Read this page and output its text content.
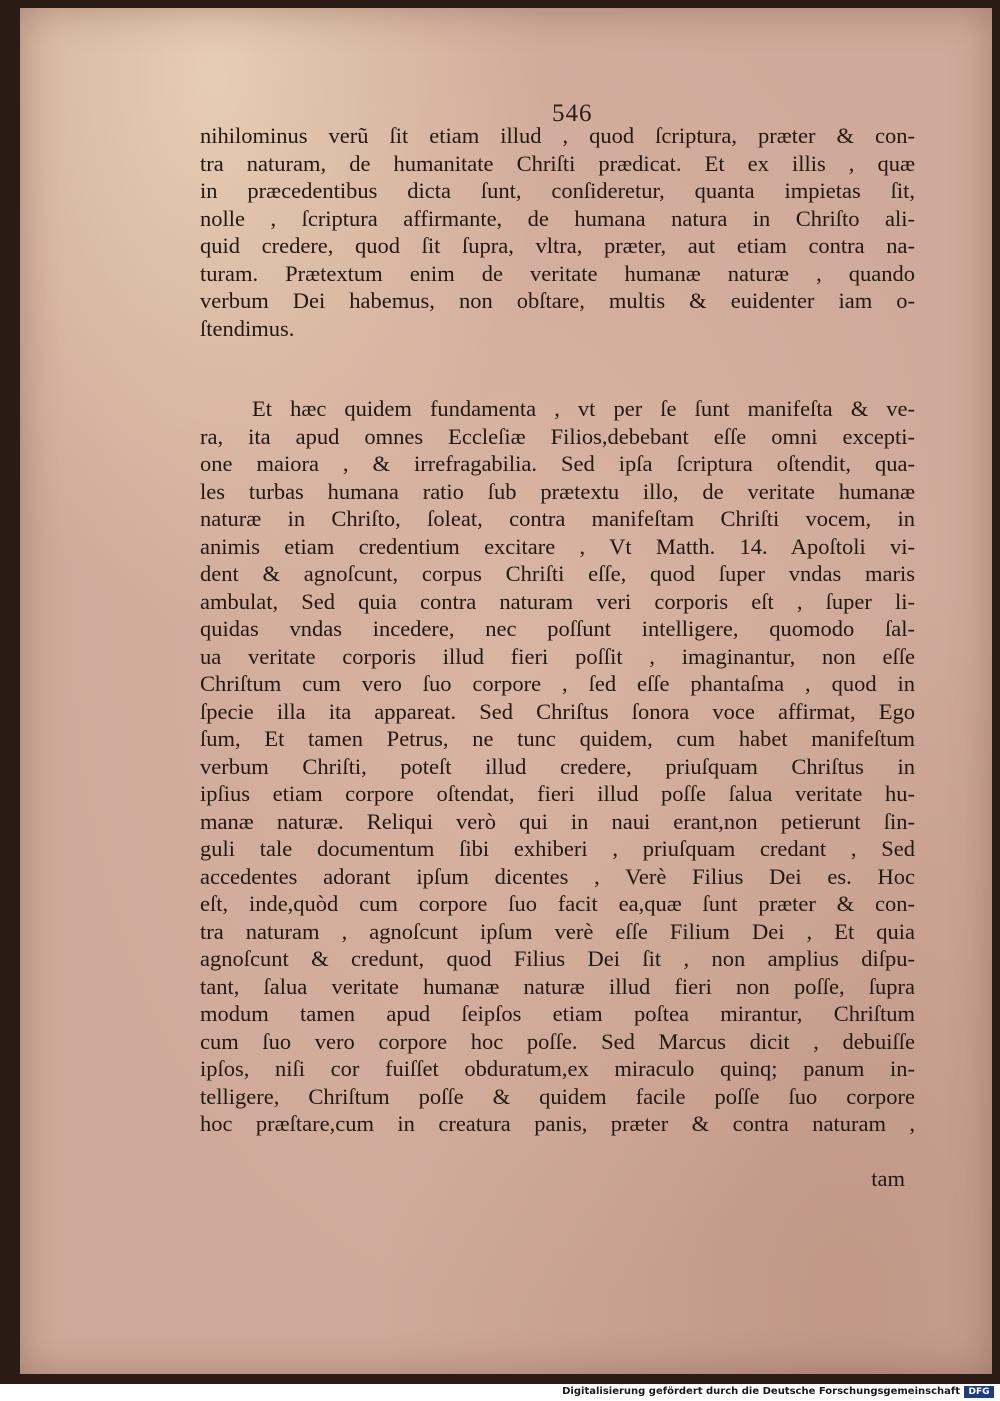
546
nihilominus verũ ſit etiam illud , quod ſcriptura, præter & con-
tra naturam, de humanitate Chriſti prædicat. Et ex illis , quæ
in præcedentibus dicta ſunt, conſideretur, quanta impietas ſit,
nolle , ſcriptura affirmante, de humana natura in Chriſto ali-
quid credere, quod ſit ſupra, vltra, præter, aut etiam contra na-
turam. Prætextum enim de veritate humanæ naturæ , quando
verbum Dei habemus, non obſtare, multis & euidenter iam o-
ſtendimus.
Et hæc quidem fundamenta , vt per ſe ſunt manifeſta & ve-
ra, ita apud omnes Eccleſiæ Filios,debebant eſſe omni excepti-
one maiora , & irrefragabilia. Sed ipſa ſcriptura oſtendit, qua-
les turbas humana ratio ſub prætextu illo, de veritate humanæ
naturæ in Chriſto, ſoleat, contra manifeſtam Chriſti vocem, in
animis etiam credentium excitare , Vt Matth. 14. Apoſtoli vi-
dent & agnoſcunt, corpus Chriſti eſſe, quod ſuper vndas maris
ambulat, Sed quia contra naturam veri corporis eſt , ſuper li-
quidas vndas incedere, nec poſſunt intelligere, quomodo ſal-
ua veritate corporis illud fieri poſſit , imaginantur, non eſſe
Chriſtum cum vero ſuo corpore , ſed eſſe phantaſma , quod in
ſpecie illa ita appareat. Sed Chriſtus ſonora voce affirmat, Ego
ſum, Et tamen Petrus, ne tunc quidem, cum habet manifeſtum
verbum Chriſti, poteſt illud credere, priuſquam Chriſtus in
ipſius etiam corpore oſtendat, fieri illud poſſe ſalua veritate hu-
manæ naturæ. Reliqui verò qui in naui erant,non petierunt ſin-
guli tale documentum ſibi exhiberi , priuſquam credant , Sed
accedentes adorant ipſum dicentes , Verè Filius Dei es. Hoc
eſt, inde,quòd cum corpore ſuo facit ea,quæ ſunt præter & con-
tra naturam , agnoſcunt ipſum verè eſſe Filium Dei , Et quia
agnoſcunt & credunt, quod Filius Dei ſit , non amplius diſpu-
tant, ſalua veritate humanæ naturæ illud fieri non poſſe, ſupra
modum tamen apud ſeipſos etiam poſtea mirantur, Chriſtum
cum ſuo vero corpore hoc poſſe. Sed Marcus dicit , debuiſſe
ipſos, niſi cor fuiſſet obduratum,ex miraculo quinq; panum in-
telligere, Chriſtum poſſe & quidem facile poſſe ſuo corpore
hoc præſtare,cum in creatura panis, præter & contra naturam ,
tam
Digitalisierung gefördert durch die Deutsche Forschungsgemeinschaft DFG
